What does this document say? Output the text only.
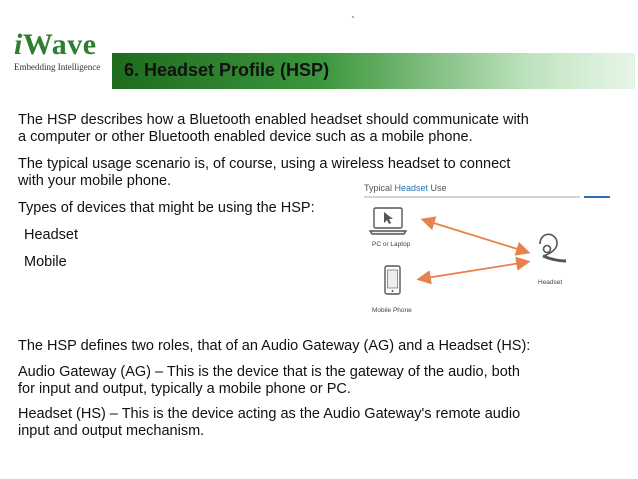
iWave
Embedding Intelligence
`
6. Headset Profile (HSP)
The HSP describes how a Bluetooth enabled headset should communicate with
a computer or other Bluetooth enabled device such as a mobile phone.
The typical usage scenario is, of course, using a wireless headset to connect
with your mobile phone.
Types of devices that might be using the HSP:
Headset
Mobile
The HSP defines two roles, that of an Audio Gateway (AG) and a Headset (HS):
Audio Gateway (AG) – This is the device that is the gateway of the audio, both
for input and output, typically a mobile phone or PC.
Headset (HS) – This is the device acting as the Audio Gateway's remote audio
input and output mechanism.
Typical Headset Use
PC or Laptop
Mobile Phone
Headset
